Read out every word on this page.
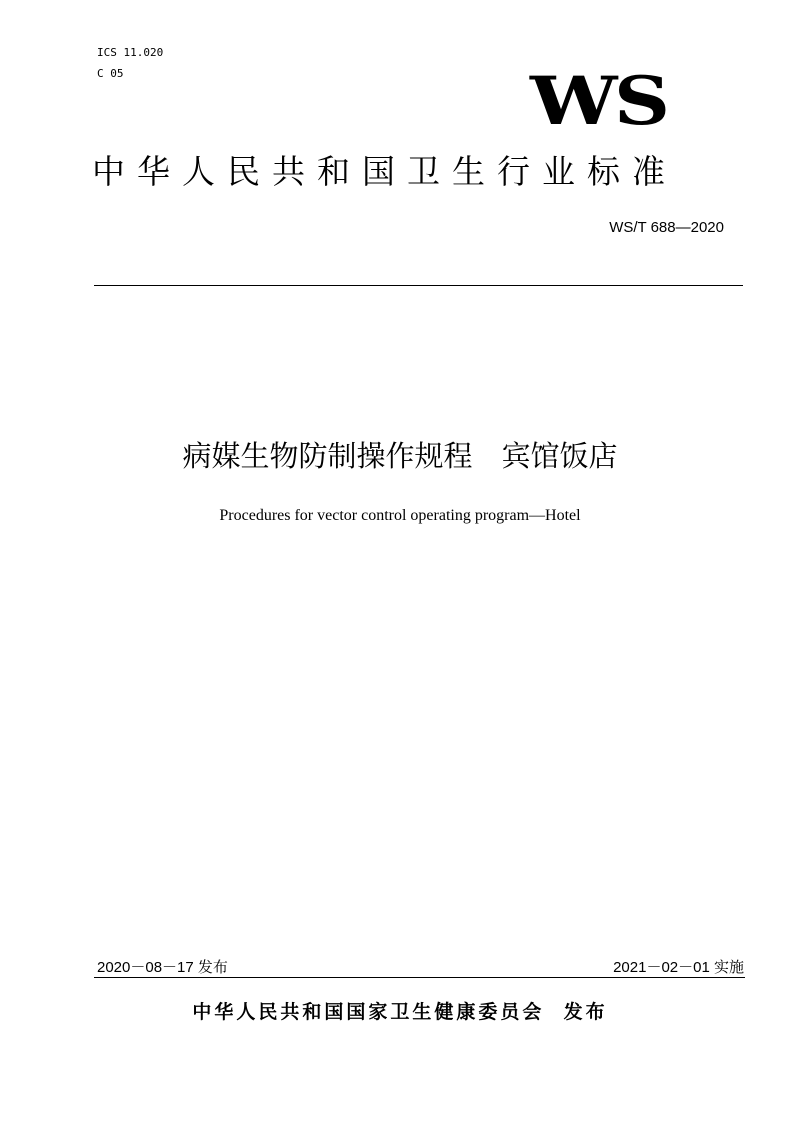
ICS 11.020
C 05	WS
中华人民共和国卫生行业标准
WS/T 688—2020
病媒生物防制操作规程　宾馆饭店
Procedures for vector control operating program—Hotel
2020－08－17 发布	2021－02－01 实施
中华人民共和国国家卫生健康委员会  发布
